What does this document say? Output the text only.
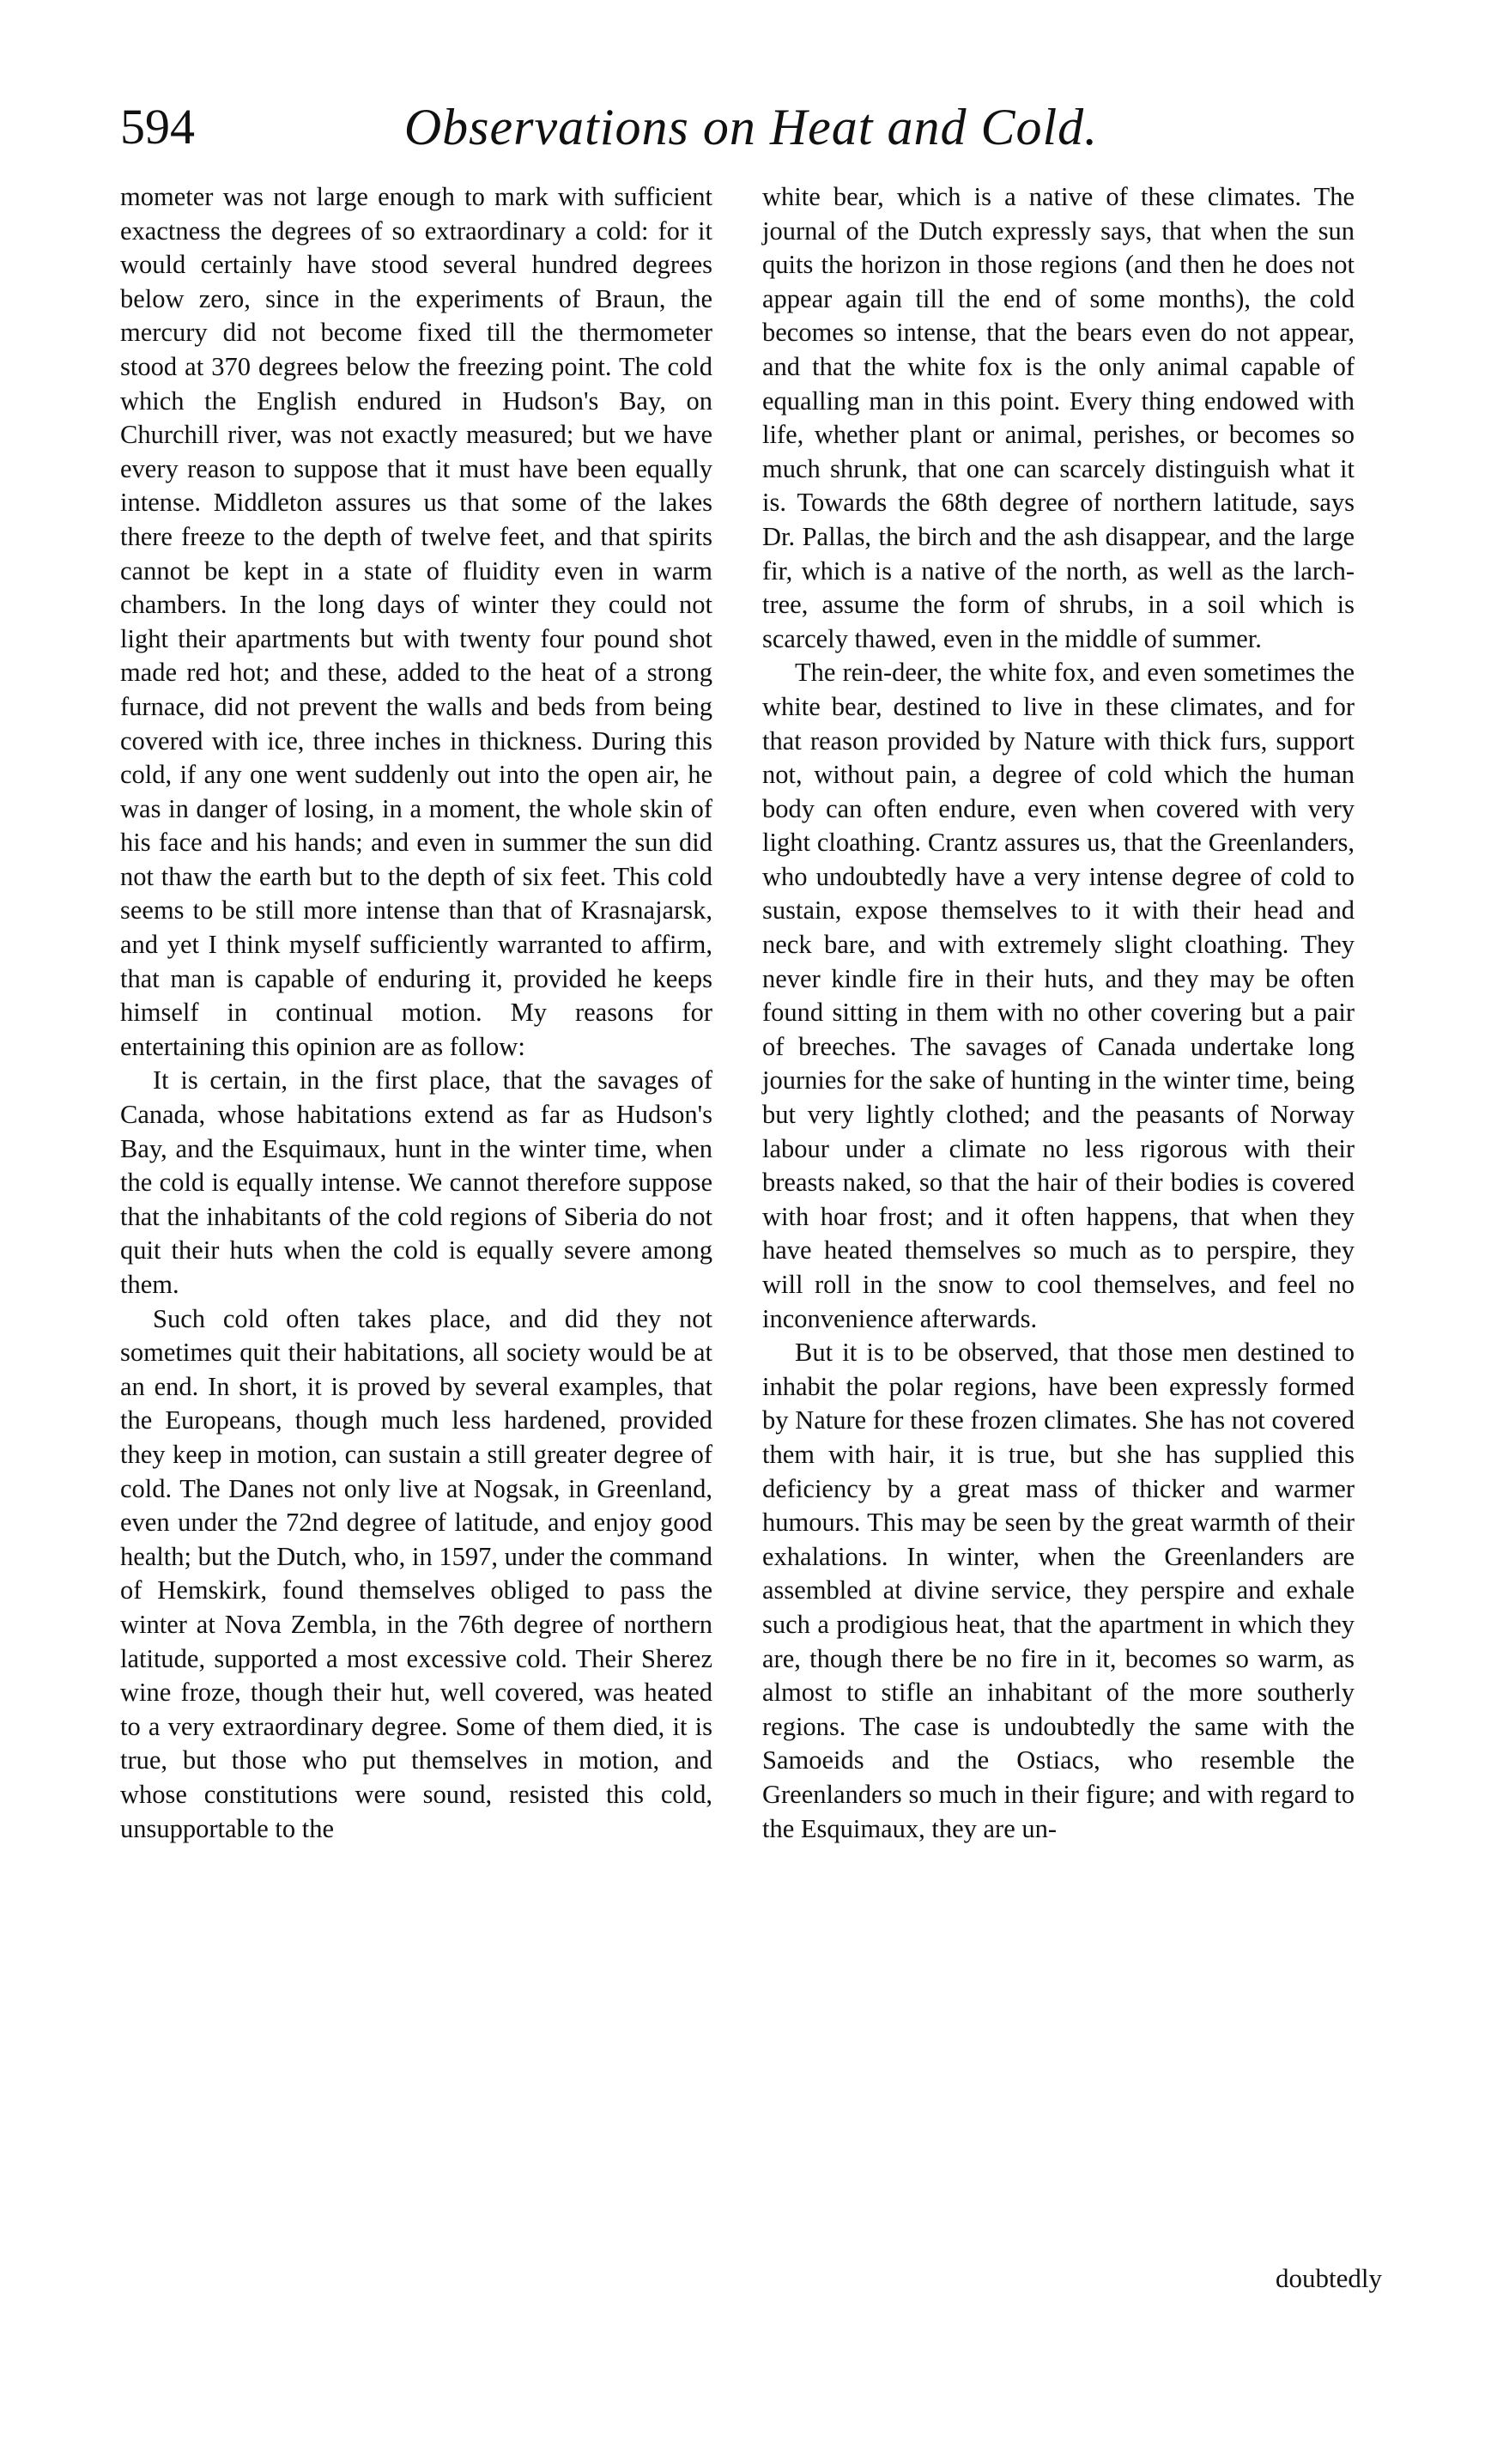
594	Observations on Heat and Cold.

mometer was not large enough to mark with sufficient exactness the degrees of so extraordinary a cold: for it would certainly have stood several hundred degrees below zero, since in the experiments of Braun, the mercury did not become fixed till the thermometer stood at 370 degrees below the freezing point. The cold which the English endured in Hudson's Bay, on Churchill river, was not exactly measured; but we have every reason to suppose that it must have been equally intense. Middleton assures us that some of the lakes there freeze to the depth of twelve feet, and that spirits cannot be kept in a state of fluidity even in warm chambers. In the long days of winter they could not light their apartments but with twenty four pound shot made red hot; and these, added to the heat of a strong furnace, did not prevent the walls and beds from being covered with ice, three inches in thickness. During this cold, if any one went suddenly out into the open air, he was in danger of losing, in a moment, the whole skin of his face and his hands; and even in summer the sun did not thaw the earth but to the depth of six feet. This cold seems to be still more intense than that of Krasnajarsk, and yet I think myself sufficiently warranted to affirm, that man is capable of enduring it, provided he keeps himself in continual motion. My reasons for entertaining this opinion are as follow:

It is certain, in the first place, that the savages of Canada, whose habitations extend as far as Hudson's Bay, and the Esquimaux, hunt in the winter time, when the cold is equally intense. We cannot therefore suppose that the inhabitants of the cold regions of Siberia do not quit their huts when the cold is equally severe among them.

Such cold often takes place, and did they not sometimes quit their habitations, all society would be at an end. In short, it is proved by several examples, that the Europeans, though much less hardened, provided they keep in motion, can sustain a still greater degree of cold. The Danes not only live at Nogsak, in Greenland, even under the 72nd degree of latitude, and enjoy good health; but the Dutch, who, in 1597, under the command of Hemskirk, found themselves obliged to pass the winter at Nova Zembla, in the 76th degree of northern latitude, supported a most excessive cold. Their Sherez wine froze, though their hut, well covered, was heated to a very extraordinary degree. Some of them died, it is true, but those who put themselves in motion, and whose constitutions were sound, resisted this cold, unsupportable to the

white bear, which is a native of these climates. The journal of the Dutch expressly says, that when the sun quits the horizon in those regions (and then he does not appear again till the end of some months), the cold becomes so intense, that the bears even do not appear, and that the white fox is the only animal capable of equalling man in this point. Every thing endowed with life, whether plant or animal, perishes, or becomes so much shrunk, that one can scarcely distinguish what it is. Towards the 68th degree of northern latitude, says Dr. Pallas, the birch and the ash disappear, and the large fir, which is a native of the north, as well as the larch-tree, assume the form of shrubs, in a soil which is scarcely thawed, even in the middle of summer.

The rein-deer, the white fox, and even sometimes the white bear, destined to live in these climates, and for that reason provided by Nature with thick furs, support not, without pain, a degree of cold which the human body can often endure, even when covered with very light cloathing. Crantz assures us, that the Greenlanders, who undoubtedly have a very intense degree of cold to sustain, expose themselves to it with their head and neck bare, and with extremely slight cloathing. They never kindle fire in their huts, and they may be often found sitting in them with no other covering but a pair of breeches. The savages of Canada undertake long journies for the sake of hunting in the winter time, being but very lightly clothed; and the peasants of Norway labour under a climate no less rigorous with their breasts naked, so that the hair of their bodies is covered with hoar frost; and it often happens, that when they have heated themselves so much as to perspire, they will roll in the snow to cool themselves, and feel no inconvenience afterwards.

But it is to be observed, that those men destined to inhabit the polar regions, have been expressly formed by Nature for these frozen climates. She has not covered them with hair, it is true, but she has supplied this deficiency by a great mass of thicker and warmer humours. This may be seen by the great warmth of their exhalations. In winter, when the Greenlanders are assembled at divine service, they perspire and exhale such a prodigious heat, that the apartment in which they are, though there be no fire in it, becomes so warm, as almost to stifle an inhabitant of the more southerly regions. The case is undoubtedly the same with the Samoeids and the Ostiacs, who resemble the Greenlanders so much in their figure; and with regard to the Esquimaux, they are un-

doubtedly
